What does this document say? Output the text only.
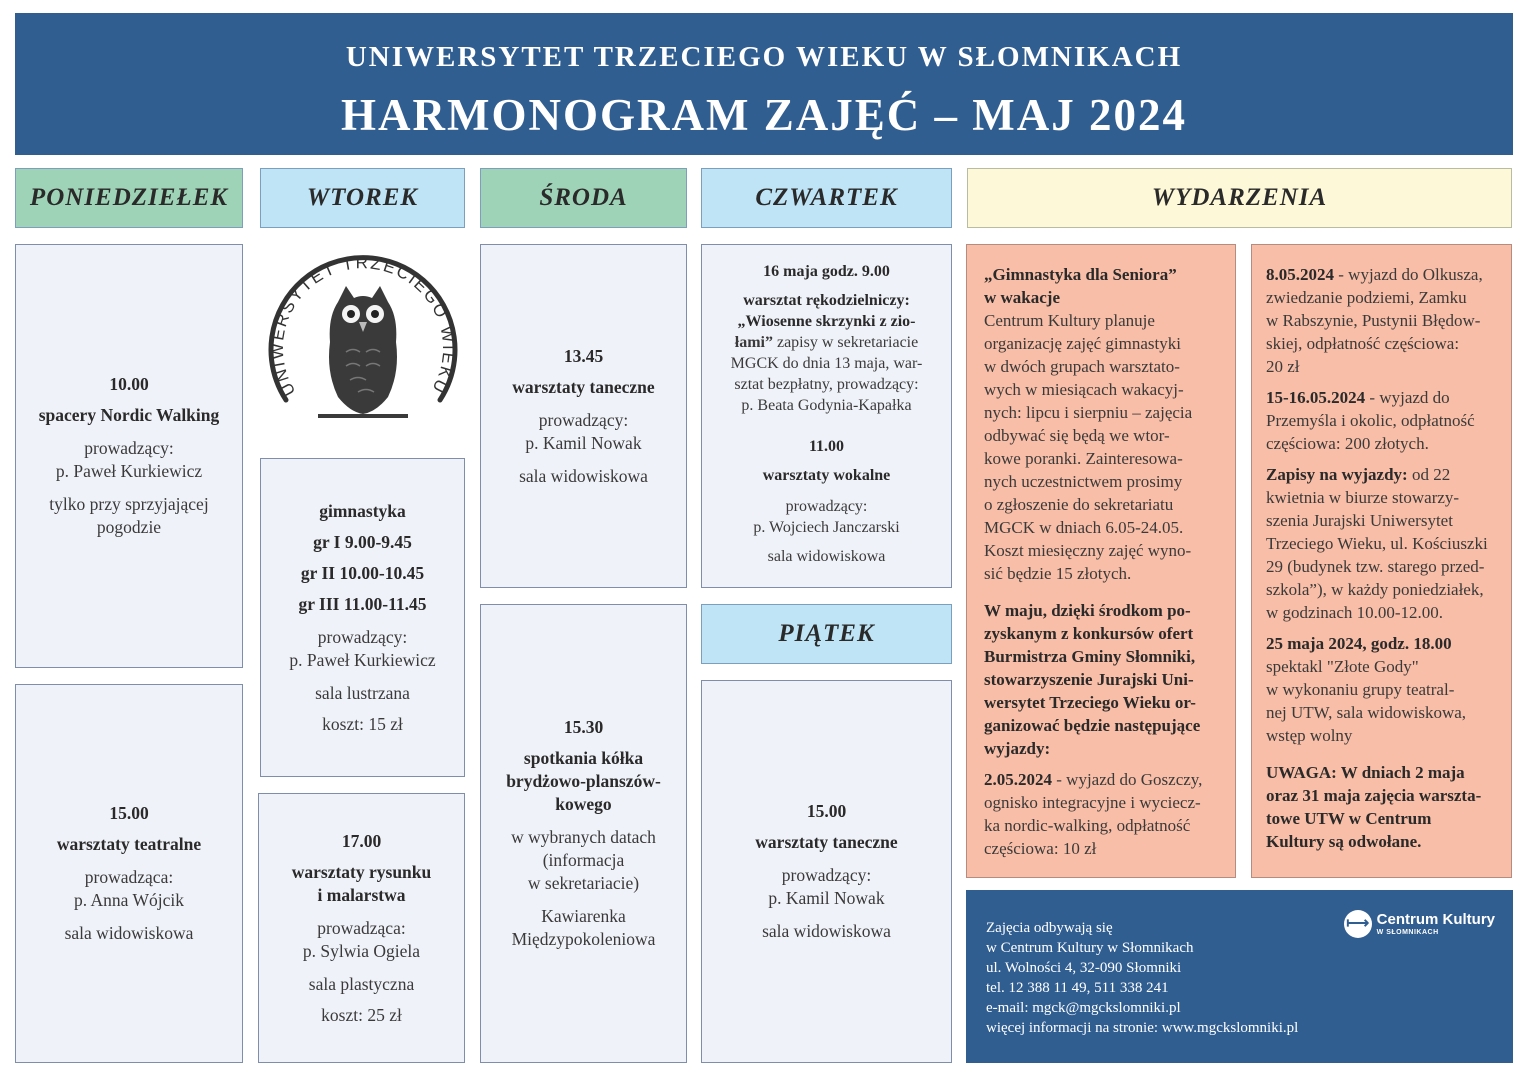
UNIWERSYTET TRZECIEGO WIEKU W SŁOMNIKACH
HARMONOGRAM ZAJĘĆ – MAJ 2024
PONIEDZIEŁEK	WTOREK	ŚRODA	CZWARTEK	WYDARZENIA
10.00
spacery Nordic Walking
prowadzący:
p. Paweł Kurkiewicz
tylko przy sprzyjającej
pogodzie
15.00
warsztaty teatralne
prowadząca:
p. Anna Wójcik
sala widowiskowa
UNIWERSYTET TRZECIEGO WIEKU
gimnastyka
gr I 9.00-9.45
gr II 10.00-10.45
gr III 11.00-11.45
prowadzący:
p. Paweł Kurkiewicz
sala lustrzana
koszt: 15 zł
17.00
warsztaty rysunku
i malarstwa
prowadząca:
p. Sylwia Ogiela
sala plastyczna
koszt: 25 zł
13.45
warsztaty taneczne
prowadzący:
p. Kamil Nowak
sala widowiskowa
15.30
spotkania kółka
brydżowo-planszów-
kowego
w wybranych datach
(informacja
w sekretariacie)
Kawiarenka
Międzypokoleniowa
16 maja godz. 9.00
warsztat rękodzielniczy:
„Wiosenne skrzynki z zio-
łami” zapisy w sekretariacie
MGCK do dnia 13 maja, war-
sztat bezpłatny, prowadzący:
p. Beata Godynia-Kapałka
11.00
warsztaty wokalne
prowadzący:
p. Wojciech Janczarski
sala widowiskowa
PIĄTEK
15.00
warsztaty taneczne
prowadzący:
p. Kamil Nowak
sala widowiskowa
„Gimnastyka dla Seniora”
w wakacje

Centrum Kultury planuje
organizację zajęć gimnastyki
w dwóch grupach warsztato-
wych w miesiącach wakacyj-
nych: lipcu i sierpniu – zajęcia
odbywać się będą we wtor-
kowe poranki. Zainteresowa-
nych uczestnictwem prosimy
o zgłoszenie do sekretariatu
MGCK w dniach 6.05-24.05.
Koszt miesięczny zajęć wyno-
sić będzie 15 złotych.

W maju, dzięki środkom po-
zyskanym z konkursów ofert
Burmistrza Gminy Słomniki,
stowarzyszenie Jurajski Uni-
wersytet Trzeciego Wieku or-
ganizować będzie następujące
wyjazdy:

2.05.2024 - wyjazd do Goszczy,
ognisko integracyjne i wyciecz-
ka nordic-walking, odpłatność
częściowa: 10 zł

8.05.2024 - wyjazd do Olkusza,
zwiedzanie podziemi, Zamku
w Rabszynie, Pustynii Błędow-
skiej, odpłatność częściowa:
20 zł

15-16.05.2024 - wyjazd do
Przemyśla i okolic, odpłatność
częściowa: 200 złotych.

Zapisy na wyjazdy: od 22
kwietnia w biurze stowarzy-
szenia Jurajski Uniwersytet
Trzeciego Wieku, ul. Kościuszki
29 (budynek tzw. starego przed-
szkola”), w każdy poniedziałek,
w godzinach 10.00-12.00.

25 maja 2024, godz. 18.00
spektakl "Złote Gody"
w wykonaniu grupy teatral-
nej UTW, sala widowiskowa,
wstęp wolny

UWAGA: W dniach 2 maja
oraz 31 maja zajęcia warszta-
towe UTW w Centrum
Kultury są odwołane.

Zajęcia odbywają się
w Centrum Kultury w Słomnikach
ul. Wolności 4, 32-090 Słomniki
tel. 12 388 11 49, 511 338 241
e-mail: mgck@mgckslomniki.pl
więcej informacji na stronie: www.mgckslomniki.pl
⟼ Centrum Kultury
W SŁOMNIKACH
